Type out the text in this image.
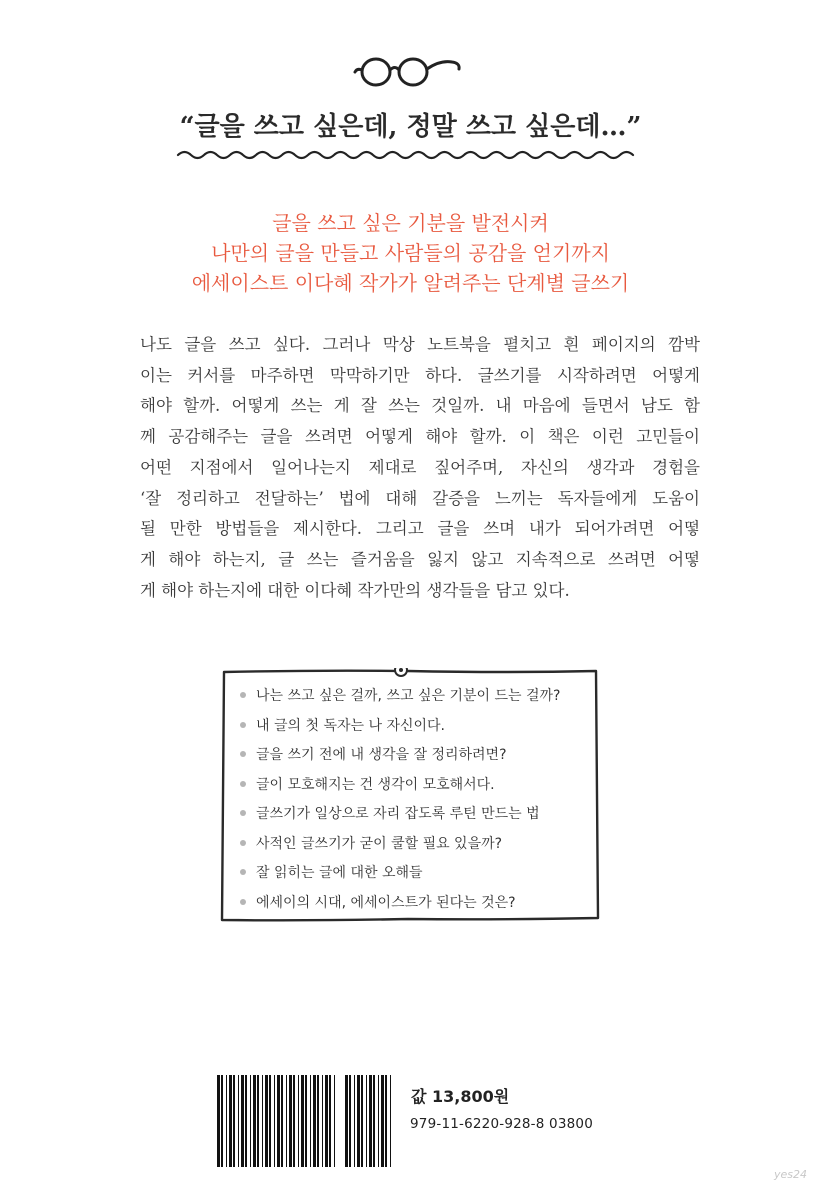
“글을 쓰고 싶은데, 정말 쓰고 싶은데…”
글을 쓰고 싶은 기분을 발전시켜
나만의 글을 만들고 사람들의 공감을 얻기까지
에세이스트 이다혜 작가가 알려주는 단계별 글쓰기
나도 글을 쓰고 싶다. 그러나 막상 노트북을 펼치고 흰 페이지의 깜박
이는 커서를 마주하면 막막하기만 하다. 글쓰기를 시작하려면 어떻게
해야 할까. 어떻게 쓰는 게 잘 쓰는 것일까. 내 마음에 들면서 남도 함
께 공감해주는 글을 쓰려면 어떻게 해야 할까. 이 책은 이런 고민들이
어떤 지점에서 일어나는지 제대로 짚어주며, 자신의 생각과 경험을
‘잘 정리하고 전달하는’ 법에 대해 갈증을 느끼는 독자들에게 도움이
될 만한 방법들을 제시한다. 그리고 글을 쓰며 내가 되어가려면 어떻
게 해야 하는지, 글 쓰는 즐거움을 잃지 않고 지속적으로 쓰려면 어떻
게 해야 하는지에 대한 이다혜 작가만의 생각들을 담고 있다.
나는 쓰고 싶은 걸까, 쓰고 싶은 기분이 드는 걸까?
내 글의 첫 독자는 나 자신이다.
글을 쓰기 전에 내 생각을 잘 정리하려면?
글이 모호해지는 건 생각이 모호해서다.
글쓰기가 일상으로 자리 잡도록 루틴 만드는 법
사적인 글쓰기가 굳이 쿨할 필요 있을까?
잘 읽히는 글에 대한 오해들
에세이의 시대, 에세이스트가 된다는 것은?
값 13,800원
979-11-6220-928-8 03800
yes24
